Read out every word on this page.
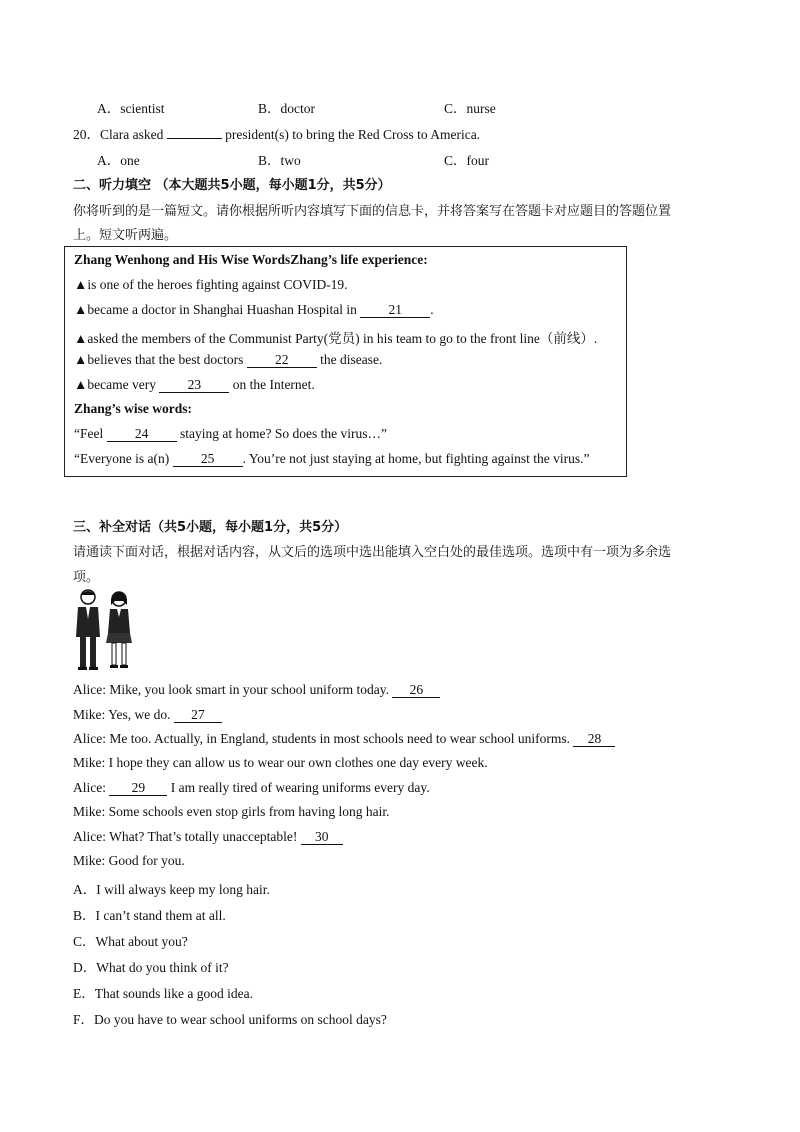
A．scientist	B．doctor	C．nurse
20．Clara asked	president(s) to bring the Red Cross to America.
A．one	B．two	C．four
二、听力填空 （本大题共5小题，每小题1分，共5分）
你将听到的是一篇短文。请你根据所听内容填写下面的信息卡，并将答案写在答题卡对应题目的答题位置
上。短文听两遍。
Zhang Wenhong and His Wise WordsZhang’s life experience:
▲is one of the heroes fighting against COVID-19.
▲became a doctor in Shanghai Huashan Hospital in 21 .
▲asked the members of the Communist Party(党员) in his team to go to the front line（前线）.
▲believes that the best doctors 22 the disease.
▲became very 23 on the Internet.
Zhang’s wise words:
“Feel 24 staying at home? So does the virus…”
“Everyone is a(n) 25 . You’re not just staying at home, but fighting against the virus.”
三、补全对话（共5小题，每小题1分，共5分）
请通读下面对话，根据对话内容，从文后的选项中选出能填入空白处的最佳选项。选项中有一项为多余选
项。
Alice: Mike, you look smart in your school uniform today. 26
Mike: Yes, we do. 27
Alice: Me too. Actually, in England, students in most schools need to wear school uniforms. 28
Mike: I hope they can allow us to wear our own clothes one day every week.
Alice: 29 I am really tired of wearing uniforms every day.
Mike: Some schools even stop girls from having long hair.
Alice: What? That’s totally unacceptable! 30
Mike: Good for you.
A．I will always keep my long hair.
B．I can’t stand them at all.
C．What about you?
D．What do you think of it?
E．That sounds like a good idea.
F．Do you have to wear school uniforms on school days?
